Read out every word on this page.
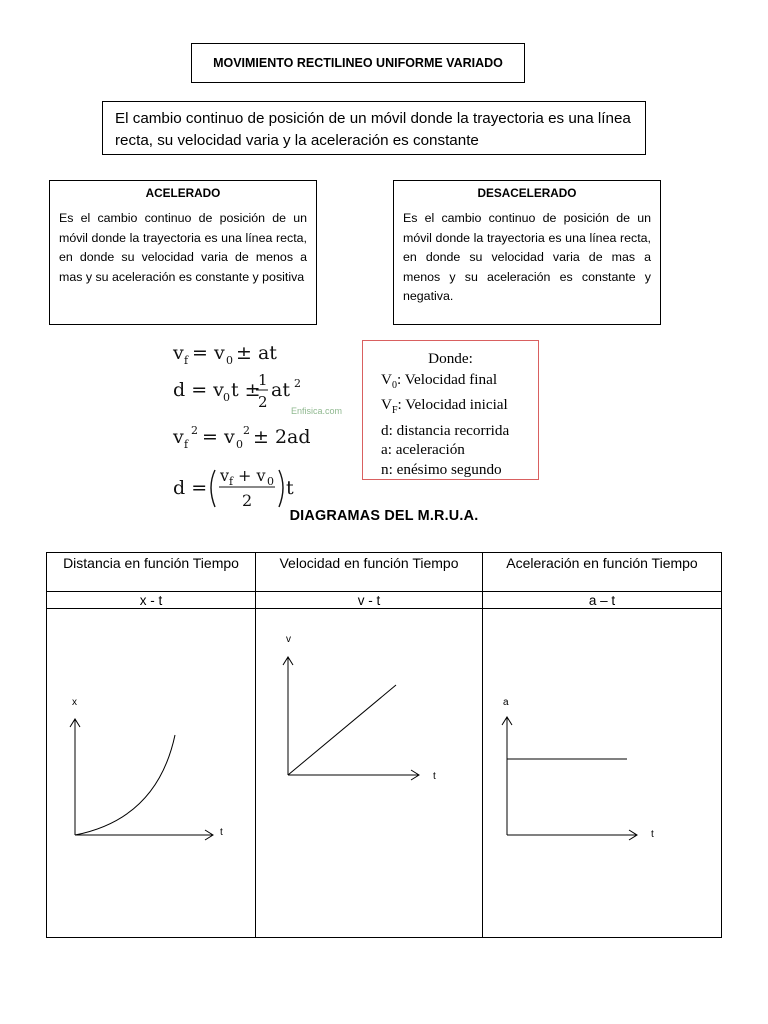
MOVIMIENTO RECTILINEO UNIFORME VARIADO

El cambio continuo de posición de un móvil donde la trayectoria es una línea recta, su velocidad varia y la aceleración es constante

ACELERADO

Es el cambio continuo de posición de un móvil donde la trayectoria es una línea recta, en donde su velocidad varia de menos a mas y su aceleración es constante y positiva

DESACELERADO

Es el cambio continuo de posición de un móvil donde la trayectoria es una línea recta, en donde su velocidad varia de mas a menos y su aceleración es constante y negativa.

v f = v 0 ± at
d = v 0 t ±
1
2
at 2
Enfisica.com
v f
2 = v 0
2 ± 2ad
d =
v f + v 0
2
t
Donde:
$V_0$: Velocidad final
$V_F$: Velocidad inicial
d: distancia recorrida
a: aceleración
n: enésimo segundo
DIAGRAMAS DEL M.R.U.A.
Distancia en función Tiempo	Velocidad en función Tiempo	Aceleración en función Tiempo
x - t	v - t	a – t

x
t	v
t	a
t
